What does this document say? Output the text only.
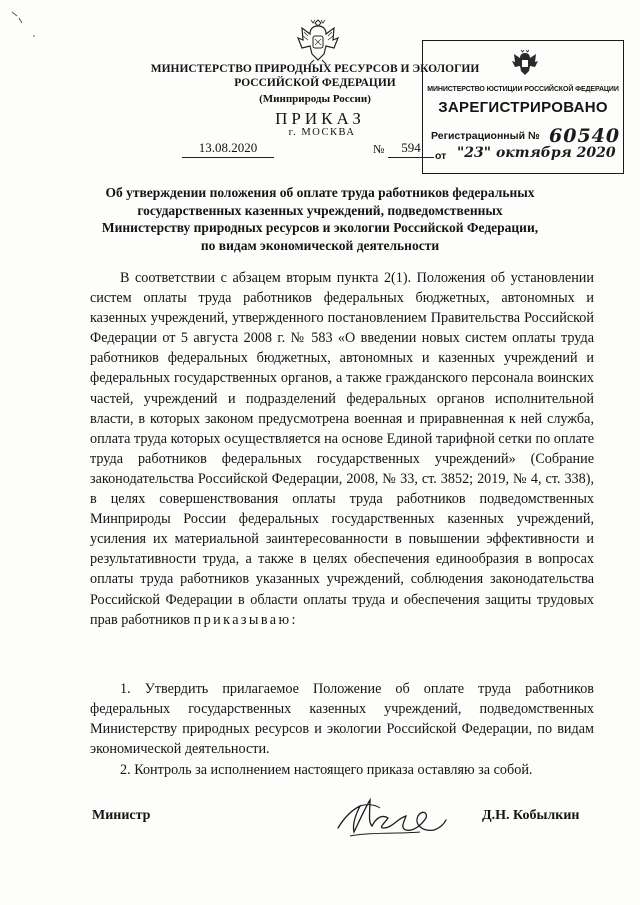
МИНИСТЕРСТВО ПРИРОДНЫХ РЕСУРСОВ И ЭКОЛОГИИ
РОССИЙСКОЙ ФЕДЕРАЦИИ
(Минприроды России)
ПРИКАЗ
г. МОСКВА
13.08.2020	№	594
МИНИСТЕРСТВО ЮСТИЦИИ РОССИЙСКОЙ ФЕДЕРАЦИИ
ЗАРЕГИСТРИРОВАНО
Регистрационный № 60540
от "23" октября 2020
Об утверждении положения об оплате труда работников федеральных
государственных казенных учреждений, подведомственных
Министерству природных ресурсов и экологии Российской Федерации,
по видам экономической деятельности
В соответствии с абзацем вторым пункта 2(1). Положения об установлении систем оплаты труда работников федеральных бюджетных, автономных и казенных учреждений, утвержденного постановлением Правительства Российской Федерации от 5 августа 2008 г. № 583 «О введении новых систем оплаты труда работников федеральных бюджетных, автономных и казенных учреждений и федеральных государственных органов, а также гражданского персонала воинских частей, учреждений и подразделений федеральных органов исполнительной власти, в которых законом предусмотрена военная и приравненная к ней служба, оплата труда которых осуществляется на основе Единой тарифной сетки по оплате труда работников федеральных государственных учреждений» (Собрание законодательства Российской Федерации, 2008, № 33, ст. 3852; 2019, № 4, ст. 338), в целях совершенствования оплаты труда работников подведомственных Минприроды России федеральных государственных казенных учреждений, усиления их материальной заинтересованности в повышении эффективности и результативности труда, а также в целях обеспечения единообразия в вопросах оплаты труда работников указанных учреждений, соблюдения законодательства Российской Федерации в области оплаты труда и обеспечения защиты трудовых прав работников приказываю:
1. Утвердить прилагаемое Положение об оплате труда работников федеральных государственных казенных учреждений, подведомственных Министерству природных ресурсов и экологии Российской Федерации, по видам экономической деятельности.
2. Контроль за исполнением настоящего приказа оставляю за собой.
Министр	Д.Н. Кобылкин
